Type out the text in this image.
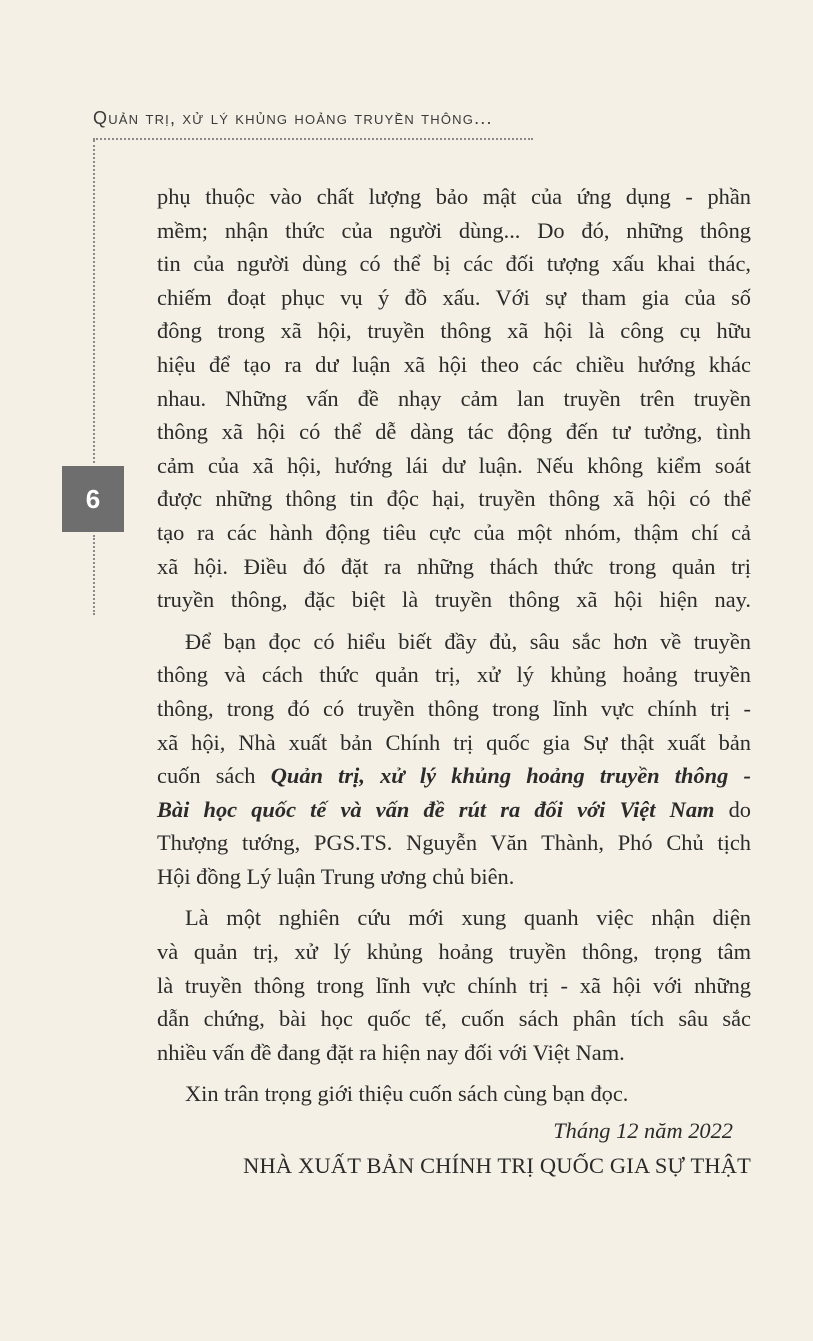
Quản trị, xử lý khủng hoảng truyền thông...
6
phụ thuộc vào chất lượng bảo mật của ứng dụng - phần
mềm; nhận thức của người dùng... Do đó, những thông
tin của người dùng có thể bị các đối tượng xấu khai thác,
chiếm đoạt phục vụ ý đồ xấu. Với sự tham gia của số
đông trong xã hội, truyền thông xã hội là công cụ hữu
hiệu để tạo ra dư luận xã hội theo các chiều hướng khác
nhau. Những vấn đề nhạy cảm lan truyền trên truyền
thông xã hội có thể dễ dàng tác động đến tư tưởng, tình
cảm của xã hội, hướng lái dư luận. Nếu không kiểm soát
được những thông tin độc hại, truyền thông xã hội có thể
tạo ra các hành động tiêu cực của một nhóm, thậm chí cả
xã hội. Điều đó đặt ra những thách thức trong quản trị
truyền thông, đặc biệt là truyền thông xã hội hiện nay.
Để bạn đọc có hiểu biết đầy đủ, sâu sắc hơn về truyền
thông và cách thức quản trị, xử lý khủng hoảng truyền
thông, trong đó có truyền thông trong lĩnh vực chính trị -
xã hội, Nhà xuất bản Chính trị quốc gia Sự thật xuất bản
cuốn sách Quản trị, xử lý khủng hoảng truyền thông -
Bài học quốc tế và vấn đề rút ra đối với Việt Nam do
Thượng tướng, PGS.TS. Nguyễn Văn Thành, Phó Chủ tịch
Hội đồng Lý luận Trung ương chủ biên.
Là một nghiên cứu mới xung quanh việc nhận diện
và quản trị, xử lý khủng hoảng truyền thông, trọng tâm
là truyền thông trong lĩnh vực chính trị - xã hội với những
dẫn chứng, bài học quốc tế, cuốn sách phân tích sâu sắc
nhiều vấn đề đang đặt ra hiện nay đối với Việt Nam.
Xin trân trọng giới thiệu cuốn sách cùng bạn đọc.
Tháng 12 năm 2022
NHÀ XUẤT BẢN CHÍNH TRỊ QUỐC GIA SỰ THẬT
